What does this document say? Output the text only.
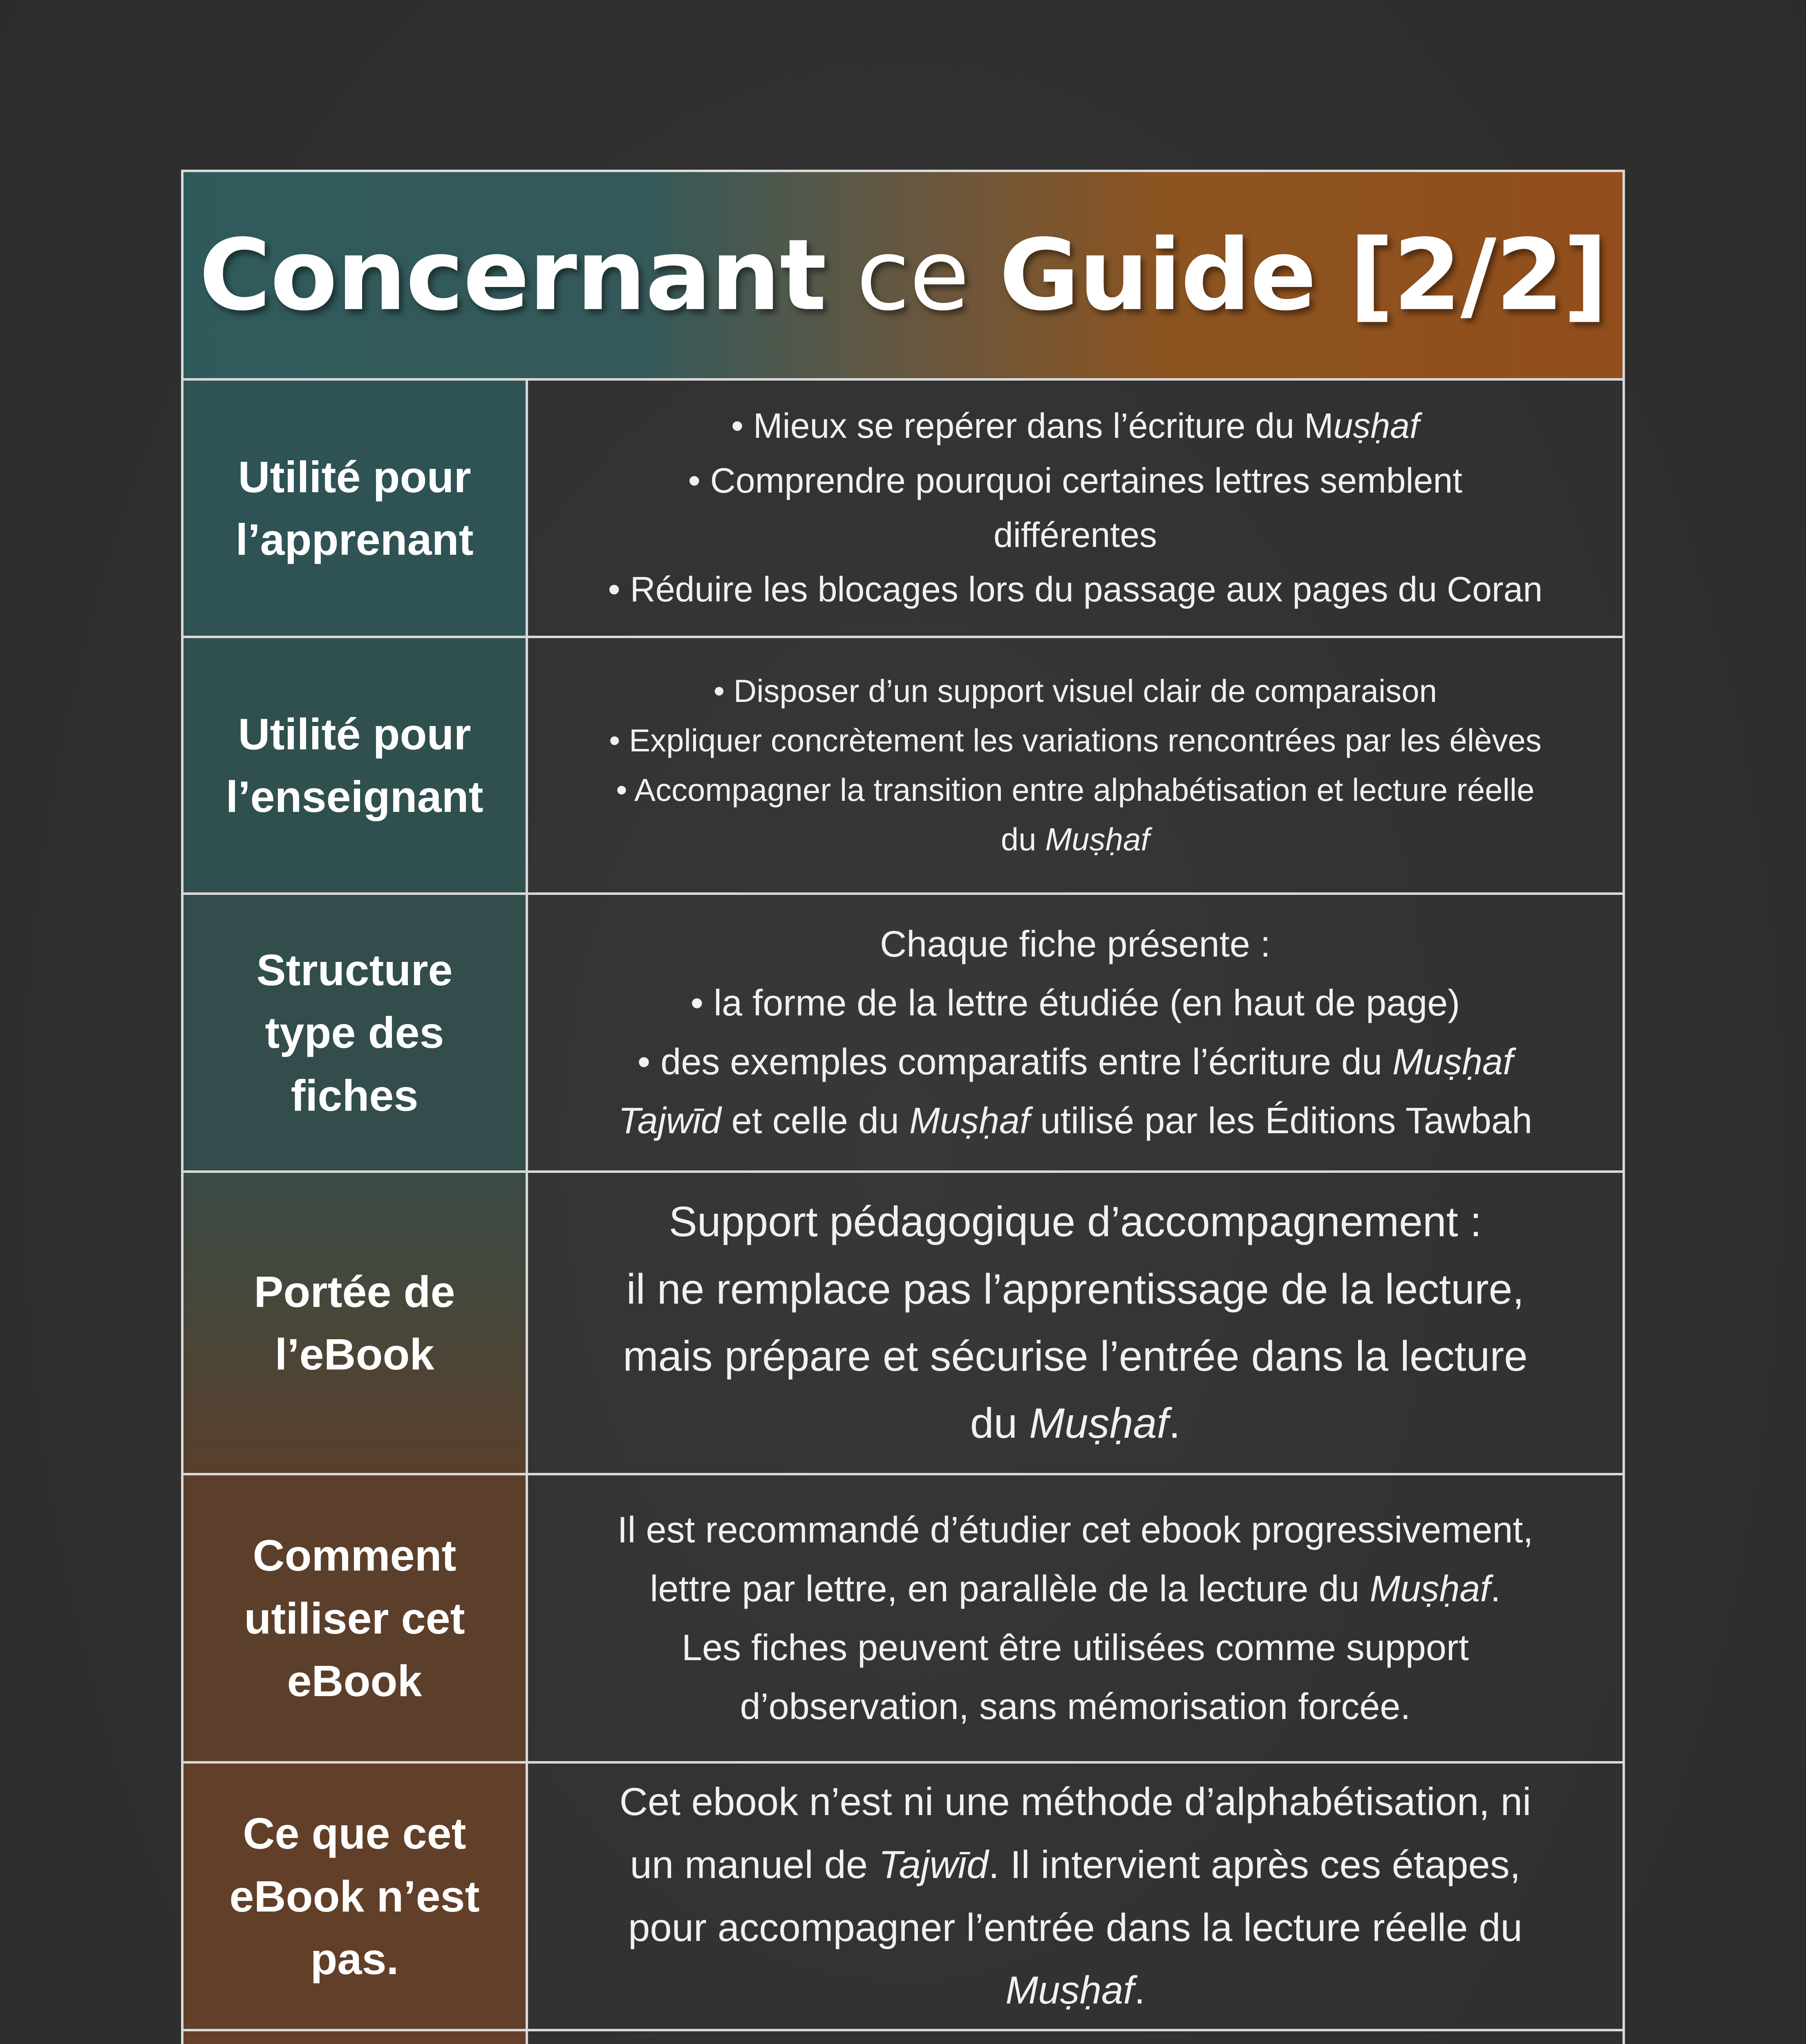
Concernant ce Guide [2/2]
Utilité pour
l’apprenant
• Mieux se repérer dans l’écriture du Muṣḥaf
• Comprendre pourquoi certaines lettres semblent
différentes
• Réduire les blocages lors du passage aux pages du Coran
Utilité pour
l’enseignant
• Disposer d’un support visuel clair de comparaison
• Expliquer concrètement les variations rencontrées par les élèves
• Accompagner la transition entre alphabétisation et lecture réelle
du Muṣḥaf
Structure
type des
fiches
Chaque fiche présente :
• la forme de la lettre étudiée (en haut de page)
• des exemples comparatifs entre l’écriture du Muṣḥaf
Tajwīd et celle du Muṣḥaf utilisé par les Éditions Tawbah
Portée de
l’eBook
Support pédagogique d’accompagnement :
il ne remplace pas l’apprentissage de la lecture,
mais prépare et sécurise l’entrée dans la lecture
du Muṣḥaf.
Comment
utiliser cet
eBook
Il est recommandé d’étudier cet ebook progressivement,
lettre par lettre, en parallèle de la lecture du Muṣḥaf.
Les fiches peuvent être utilisées comme support
d’observation, sans mémorisation forcée.
Ce que cet
eBook n’est
pas.
Cet ebook n’est ni une méthode d’alphabétisation, ni
un manuel de Tajwīd. Il intervient après ces étapes,
pour accompagner l’entrée dans la lecture réelle du
Muṣḥaf.
